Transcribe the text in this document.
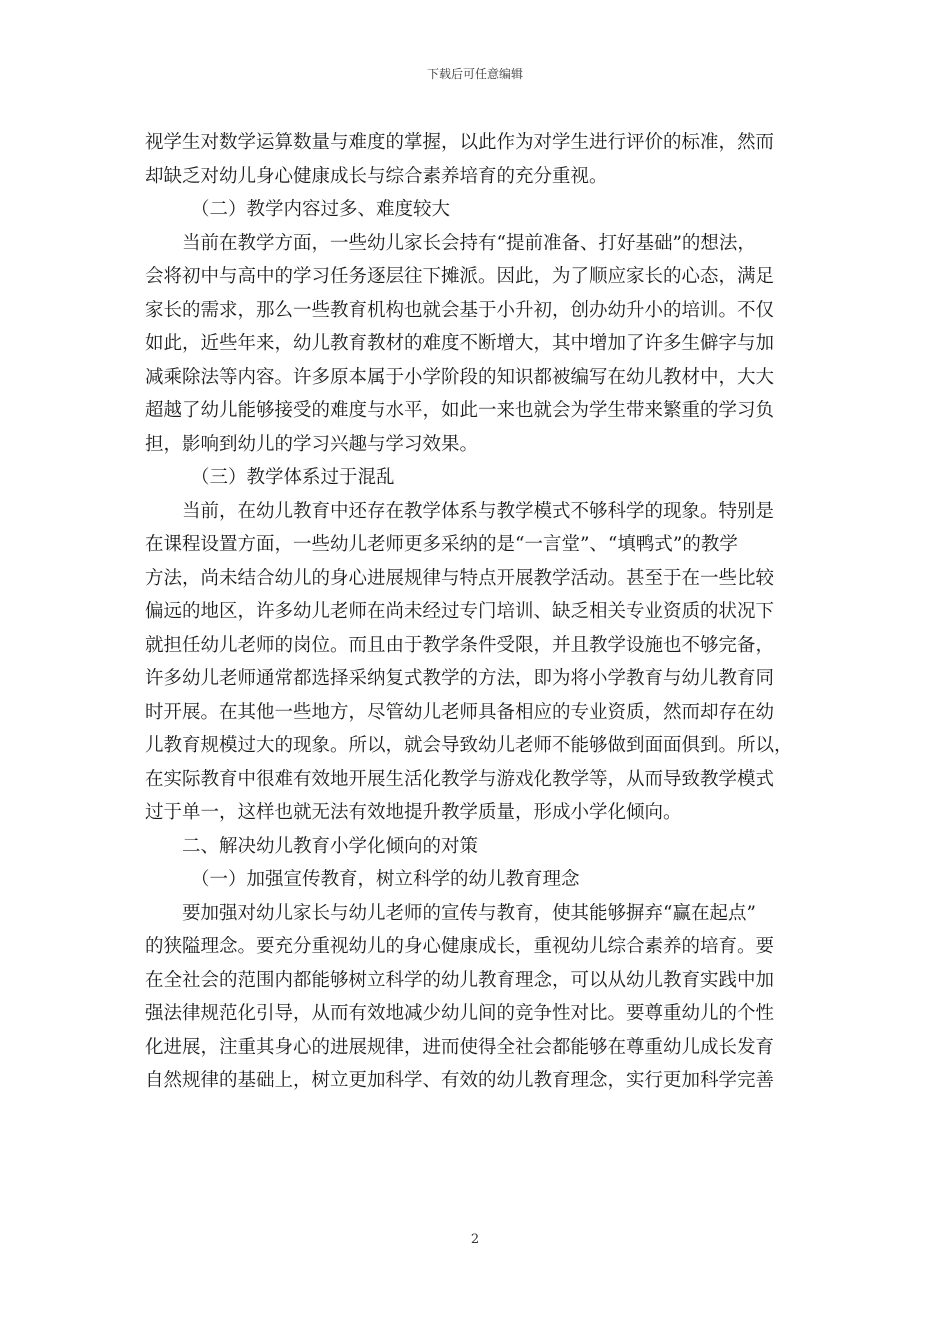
下载后可任意编辑
视学生对数学运算数量与难度的掌握，以此作为对学生进行评价的标准，然而
却缺乏对幼儿身心健康成长与综合素养培育的充分重视。
（二）教学内容过多、难度较大
当前在教学方面，一些幼儿家长会持有“提前准备、打好基础”的想法，
会将初中与高中的学习任务逐层往下摊派。因此，为了顺应家长的心态，满足
家长的需求，那么一些教育机构也就会基于小升初，创办幼升小的培训。不仅
如此，近些年来，幼儿教育教材的难度不断增大，其中增加了许多生僻字与加
减乘除法等内容。许多原本属于小学阶段的知识都被编写在幼儿教材中，大大
超越了幼儿能够接受的难度与水平，如此一来也就会为学生带来繁重的学习负
担，影响到幼儿的学习兴趣与学习效果。
（三）教学体系过于混乱
当前，在幼儿教育中还存在教学体系与教学模式不够科学的现象。特别是
在课程设置方面，一些幼儿老师更多采纳的是“一言堂”、“填鸭式”的教学
方法，尚未结合幼儿的身心进展规律与特点开展教学活动。甚至于在一些比较
偏远的地区，许多幼儿老师在尚未经过专门培训、缺乏相关专业资质的状况下
就担任幼儿老师的岗位。而且由于教学条件受限，并且教学设施也不够完备，
许多幼儿老师通常都选择采纳复式教学的方法，即为将小学教育与幼儿教育同
时开展。在其他一些地方，尽管幼儿老师具备相应的专业资质，然而却存在幼
儿教育规模过大的现象。所以，就会导致幼儿老师不能够做到面面俱到。所以，
在实际教育中很难有效地开展生活化教学与游戏化教学等，从而导致教学模式
过于单一，这样也就无法有效地提升教学质量，形成小学化倾向。
二、解决幼儿教育小学化倾向的对策
（一）加强宣传教育，树立科学的幼儿教育理念
要加强对幼儿家长与幼儿老师的宣传与教育，使其能够摒弃“赢在起点”
的狭隘理念。要充分重视幼儿的身心健康成长，重视幼儿综合素养的培育。要
在全社会的范围内都能够树立科学的幼儿教育理念，可以从幼儿教育实践中加
强法律规范化引导，从而有效地减少幼儿间的竞争性对比。要尊重幼儿的个性
化进展，注重其身心的进展规律，进而使得全社会都能够在尊重幼儿成长发育
自然规律的基础上，树立更加科学、有效的幼儿教育理念，实行更加科学完善
2
